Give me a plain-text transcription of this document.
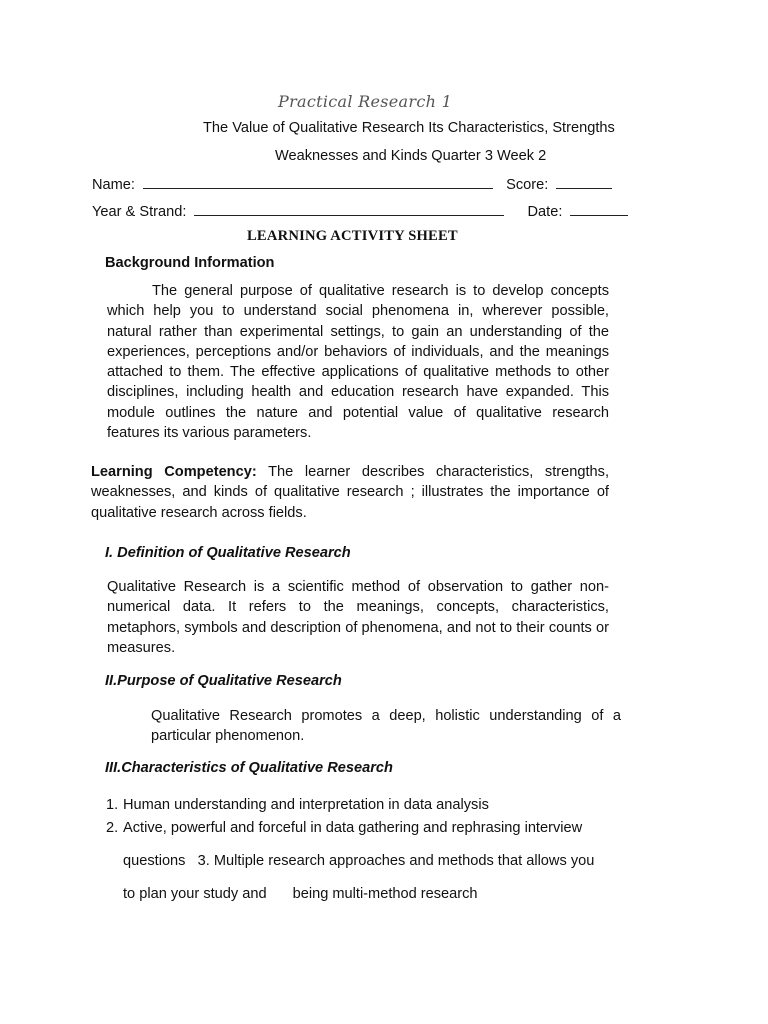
Practical Research 1
The Value of Qualitative Research Its Characteristics, Strengths
Weaknesses and Kinds Quarter 3 Week 2
Name:	Score:
Year & Strand:	Date:
LEARNING ACTIVITY SHEET
Background Information
The general purpose of qualitative research is to develop concepts which help you to understand social phenomena in, wherever possible, natural rather than experimental settings, to gain an understanding of the experiences, perceptions and/or behaviors of individuals, and the meanings attached to them. The effective applications of qualitative methods to other disciplines, including health and education research have expanded. This module outlines the nature and potential value of qualitative research features its various parameters.
Learning Competency: The learner describes characteristics, strengths, weaknesses, and kinds of qualitative research ; illustrates the importance of qualitative research across fields.
I. Definition of Qualitative Research
Qualitative Research is a scientific method of observation to gather non-numerical data. It refers to the meanings, concepts, characteristics, metaphors, symbols and description of phenomena, and not to their counts or measures.
II.Purpose of Qualitative Research
Qualitative Research promotes a deep, holistic understanding of a particular phenomenon.
III.Characteristics of Qualitative Research
1. Human understanding and interpretation in data analysis
2. Active, powerful and forceful in data gathering and rephrasing interview
questions 3. Multiple research approaches and methods that allows you
to plan your study and being multi-method research
